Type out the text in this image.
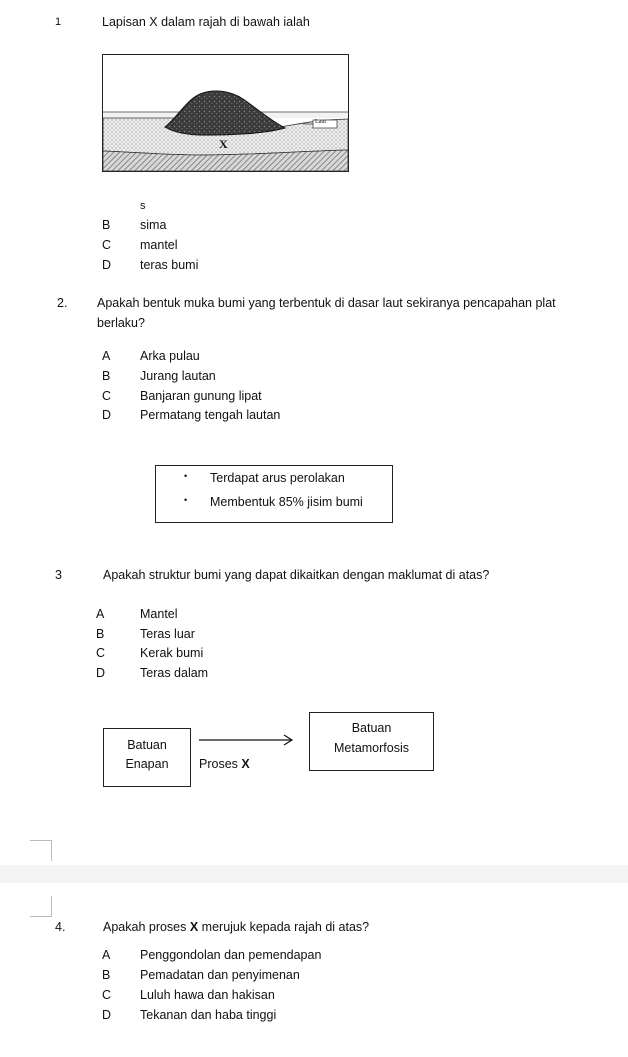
1	Lapisan X dalam rajah di bawah ialah
Laut
X
s
B sima
C mantel
D teras bumi
2. Apakah bentuk muka bumi yang terbentuk di dasar laut sekiranya pencapahan plat
berlaku?
A Arka pulau
B Jurang lautan
C Banjaran gunung lipat
D Permatang tengah lautan
• Terdapat arus perolakan
• Membentuk 85% jisim bumi
3	Apakah struktur bumi yang dapat dikaitkan dengan maklumat di atas?
A	Mantel
B	Teras luar
C	Kerak bumi
D	Teras dalam
Batuan
Enapan	Proses X
Batuan
Metamorfosis
4.	Apakah proses X merujuk kepada rajah di atas?
A Penggondolan dan pemendapan
B Pemadatan dan penyimenan
C Luluh hawa dan hakisan
D Tekanan dan haba tinggi
